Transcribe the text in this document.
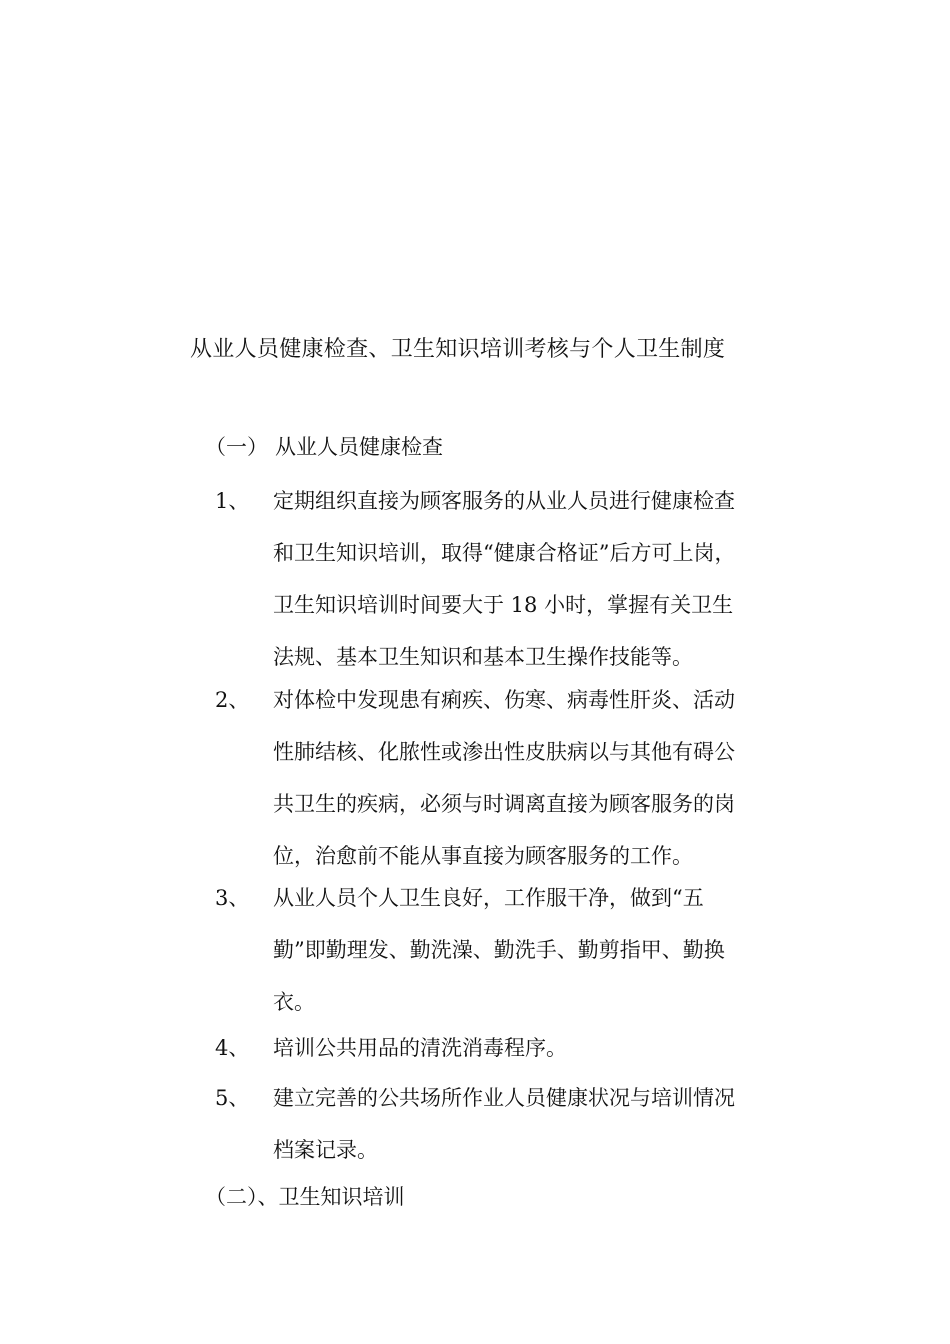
从业人员健康检查、卫生知识培训考核与个人卫生制度
（一） 从业人员健康检查
1、 定期组织直接为顾客服务的从业人员进行健康检查
和卫生知识培训，取得“健康合格证”后方可上岗，
卫生知识培训时间要大于 18 小时，掌握有关卫生
法规、基本卫生知识和基本卫生操作技能等。
2、 对体检中发现患有痢疾、伤寒、病毒性肝炎、活动
性肺结核、化脓性或渗出性皮肤病以与其他有碍公
共卫生的疾病，必须与时调离直接为顾客服务的岗
位，治愈前不能从事直接为顾客服务的工作。
3、 从业人员个人卫生良好，工作服干净，做到“五
勤”即勤理发、勤洗澡、勤洗手、勤剪指甲、勤换
衣。
4、 培训公共用品的清洗消毒程序。
5、 建立完善的公共场所作业人员健康状况与培训情况
档案记录。
（二）、卫生知识培训
